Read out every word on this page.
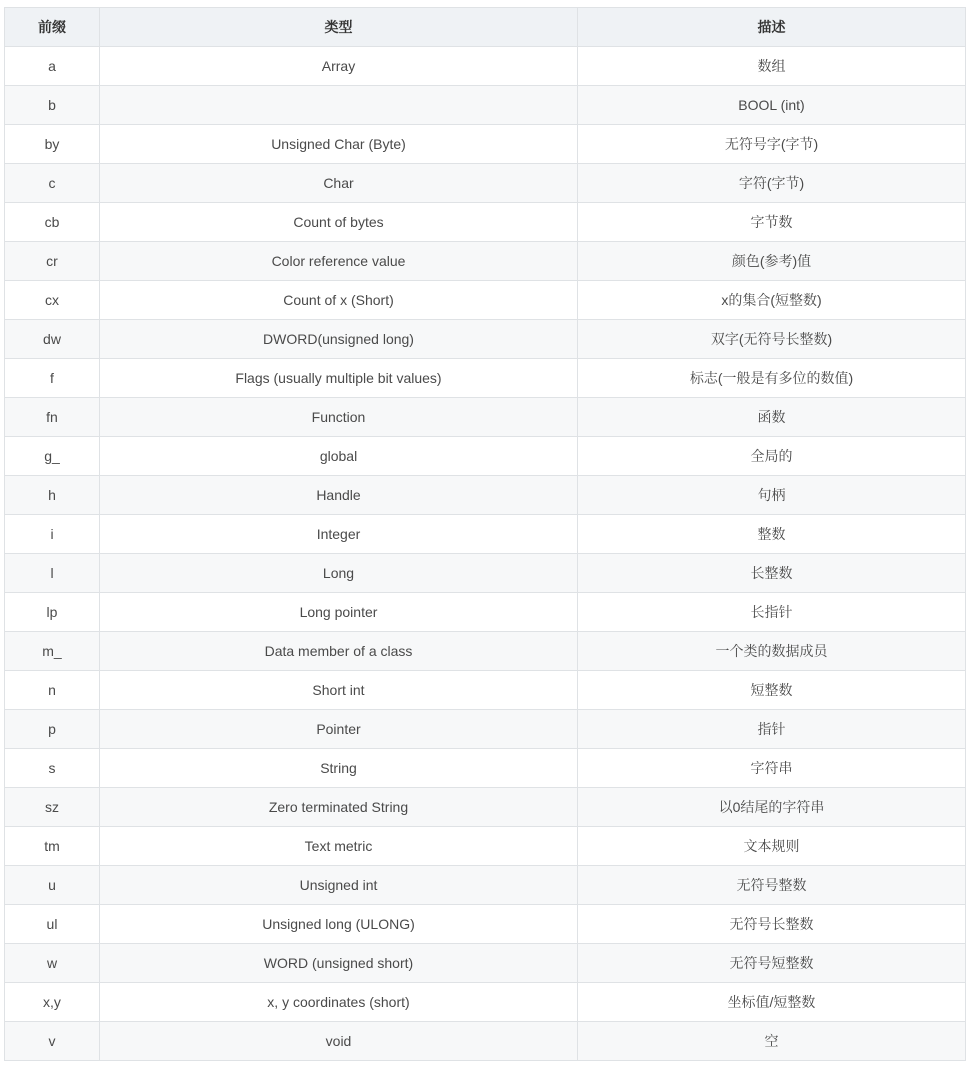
前缀	类型	描述
a	Array	数组
b		BOOL (int)
by	Unsigned Char (Byte)	无符号字(字节)
c	Char	字符(字节)
cb	Count of bytes	字节数
cr	Color reference value	颜色(参考)值
cx	Count of x (Short)	x的集合(短整数)
dw	DWORD(unsigned long)	双字(无符号长整数)
f	Flags (usually multiple bit values)	标志(一般是有多位的数值)
fn	Function	函数
g_	global	全局的
h	Handle	句柄
i	Integer	整数
l	Long	长整数
lp	Long pointer	长指针
m_	Data member of a class	一个类的数据成员
n	Short int	短整数
p	Pointer	指针
s	String	字符串
sz	Zero terminated String	以0结尾的字符串
tm	Text metric	文本规则
u	Unsigned int	无符号整数
ul	Unsigned long (ULONG)	无符号长整数
w	WORD (unsigned short)	无符号短整数
x,y	x, y coordinates (short)	坐标值/短整数
v	void	空
